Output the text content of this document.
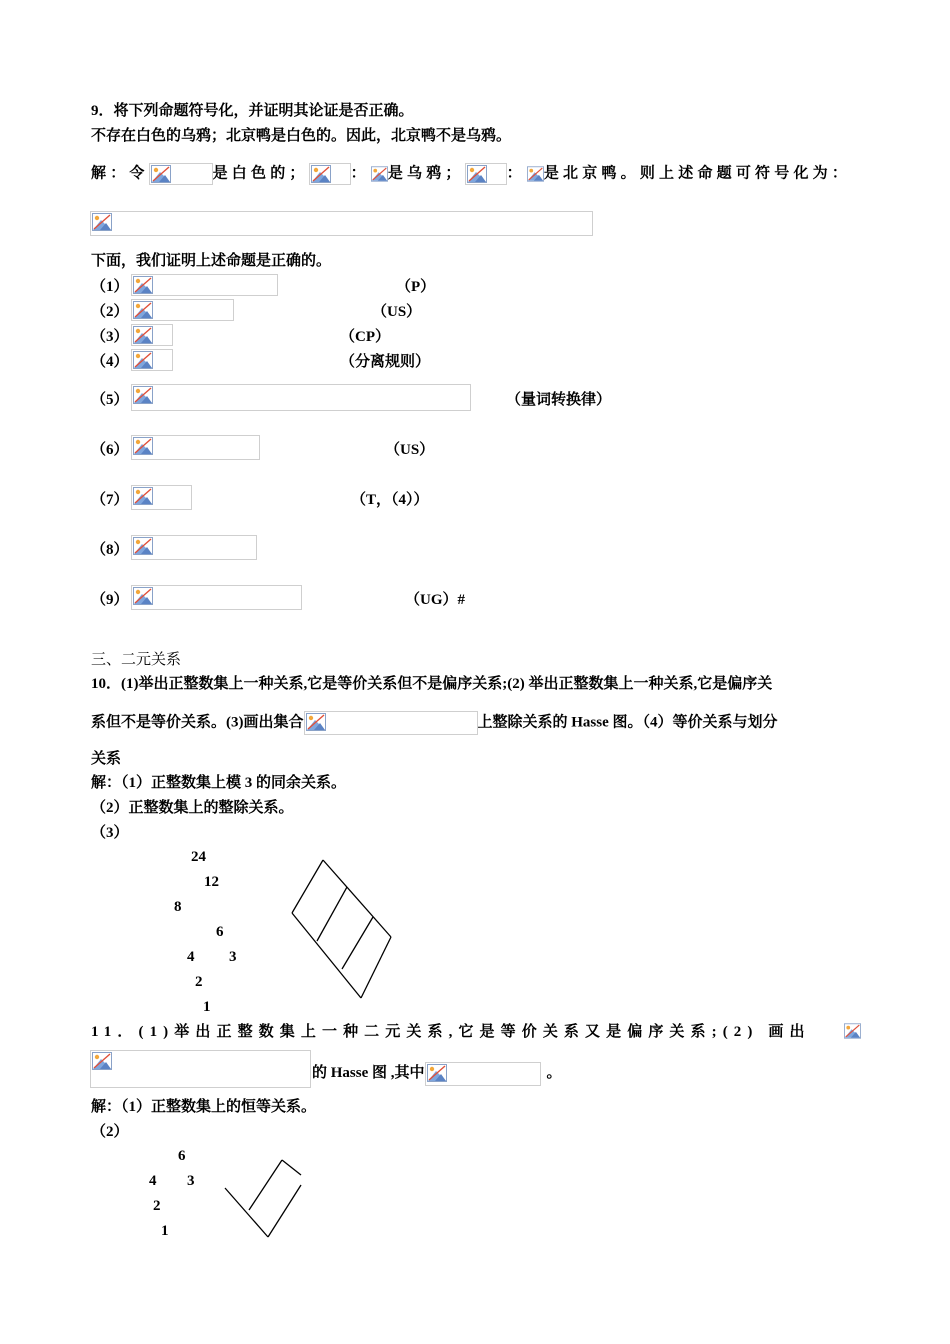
9．将下列命题符号化，并证明其论证是否正确。
不存在白色的乌鸦；北京鸭是白色的。因此，北京鸭不是乌鸦。
解：令	是白色的；	： 是乌鸦；	： 是北京鸭。则上述命题可符号化为：
下面，我们证明上述命题是正确的。
（1）	（P）
（2）	（US）
（3）	（CP）
（4）	（分离规则）
（5）	（量词转换律）
（6）	（US）
（7）	（T，（4））
（8）
（9）	（UG）#
三、二元关系
10．(1)举出正整数集上一种关系,它是等价关系但不是偏序关系;(2) 举出正整数集上一种关系,它是偏序关
系但不是等价关系。(3)画出集合	上整除关系的 Hasse 图。（4）等价关系与划分
关系
解：（1）正整数集上模 3 的同余关系。
（2）正整数集上的整除关系。
（3）
24
12
8
6
4 3
2
1
11．(1)举出正整数集上一种二元关系,它是等价关系又是偏序关系;(2) 画出
的 Hasse 图 ,其中	。
解：（1）正整数集上的恒等关系。
（2）
6
4 3
2
1
